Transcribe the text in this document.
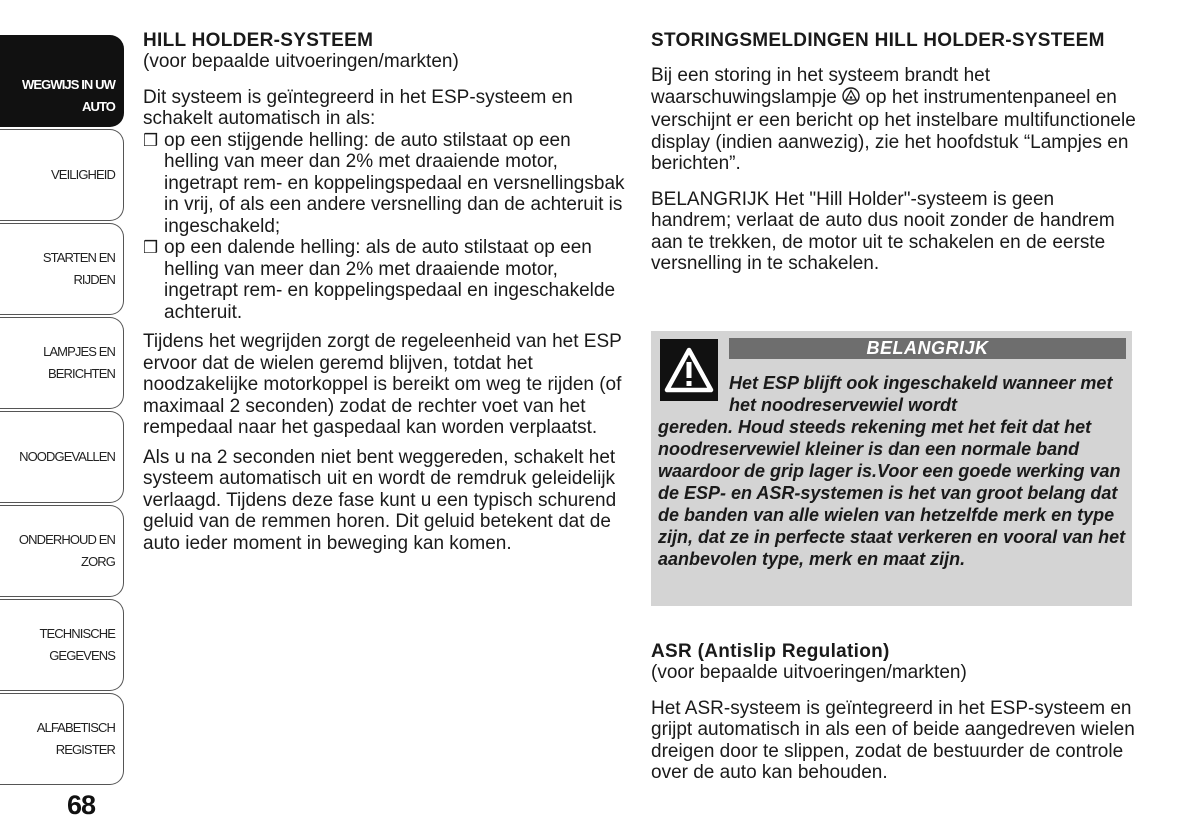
WEGWIJS IN UW
AUTO
VEILIGHEID
STARTEN EN RIJDEN
LAMPJES EN
BERICHTEN
NOODGEVALLEN
ONDERHOUD EN
ZORG
TECHNISCHE
GEGEVENS
ALFABETISCH
REGISTER
68
HILL HOLDER-SYSTEEM

(voor bepaalde uitvoeringen/markten)

Dit systeem is geïntegreerd in het ESP-systeem en schakelt automatisch in als:

❒ op een stijgende helling: de auto stilstaat op een helling van meer dan 2% met draaiende motor, ingetrapt rem- en koppelingspedaal en versnellingsbak in vrij, of als een andere versnelling dan de achteruit is ingeschakeld;
❒ op een dalende helling: als de auto stilstaat op een helling van meer dan 2% met draaiende motor, ingetrapt rem- en koppelingspedaal en ingeschakelde achteruit.

Tijdens het wegrijden zorgt de regeleenheid van het ESP ervoor dat de wielen geremd blijven, totdat het noodzakelijke motorkoppel is bereikt om weg te rijden (of maximaal 2 seconden) zodat de rechter voet van het rempedaal naar het gaspedaal kan worden verplaatst.

Als u na 2 seconden niet bent weggereden, schakelt het systeem automatisch uit en wordt de remdruk geleidelijk verlaagd. Tijdens deze fase kunt u een typisch schurend geluid van de remmen horen. Dit geluid betekent dat de auto ieder moment in beweging kan komen.

STORINGSMELDINGEN HILL HOLDER-SYSTEEM

Bij een storing in het systeem brandt het waarschuwingslampje op het instrumentenpaneel en verschijnt er een bericht op het instelbare multifunctionele display (indien aanwezig), zie het hoofdstuk “Lampjes en berichten”.

BELANGRIJK Het "Hill Holder"-systeem is geen handrem; verlaat de auto dus nooit zonder de handrem aan te trekken, de motor uit te schakelen en de eerste versnelling in te schakelen.

BELANGRIJK
Het ESP blijft ook ingeschakeld wanneer met het noodreservewiel wordt
gereden. Houd steeds rekening met het feit dat het noodreservewiel kleiner is dan een normale band waardoor de grip lager is.Voor een goede werking van de ESP- en ASR-systemen is het van groot belang dat de banden van alle wielen van hetzelfde merk en type zijn, dat ze in perfecte staat verkeren en vooral van het aanbevolen type, merk en maat zijn.
ASR (Antislip Regulation)

(voor bepaalde uitvoeringen/markten)

Het ASR-systeem is geïntegreerd in het ESP-systeem en grijpt automatisch in als een of beide aangedreven wielen dreigen door te slippen, zodat de bestuurder de controle over de auto kan behouden.
